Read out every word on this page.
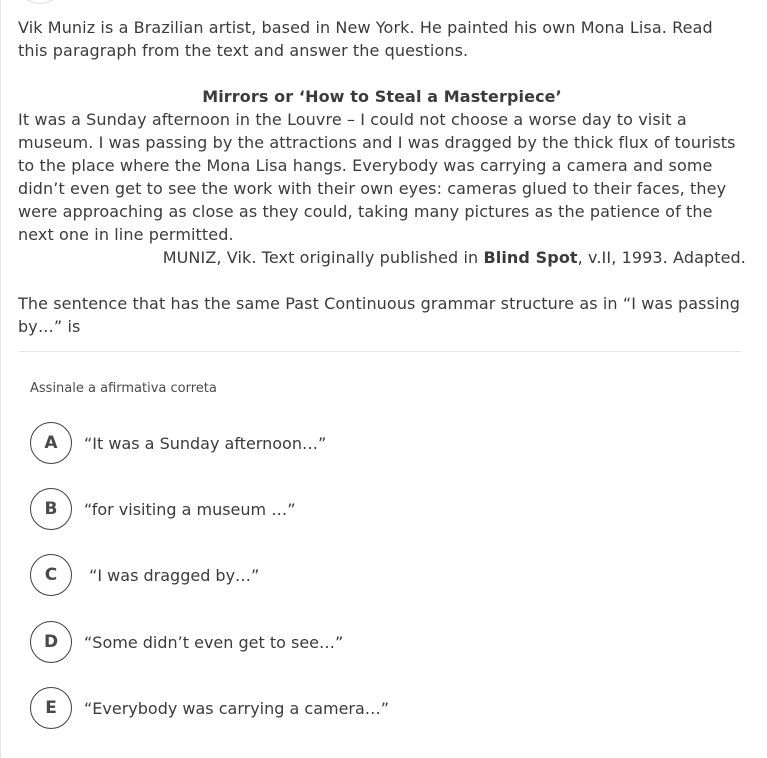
Vik Muniz is a Brazilian artist, based in New York. He painted his own Mona Lisa. Read this paragraph from the text and answer the questions.

Mirrors or ‘How to Steal a Masterpiece’

It was a Sunday afternoon in the Louvre – I could not choose a worse day to visit a museum. I was passing by the attractions and I was dragged by the thick flux of tourists to the place where the Mona Lisa hangs. Everybody was carrying a camera and some didn’t even get to see the work with their own eyes: cameras glued to their faces, they were approaching as close as they could, taking many pictures as the patience of the next one in line permitted.

MUNIZ, Vik. Text originally published in Blind Spot, v.II, 1993. Adapted.

The sentence that has the same Past Continuous grammar structure as in “I was passing by…” is

Assinale a afirmativa correta
A	“It was a Sunday afternoon…”
B	“for visiting a museum …”
C	“I was dragged by…”
D	“Some didn’t even get to see…”
E	“Everybody was carrying a camera…”
